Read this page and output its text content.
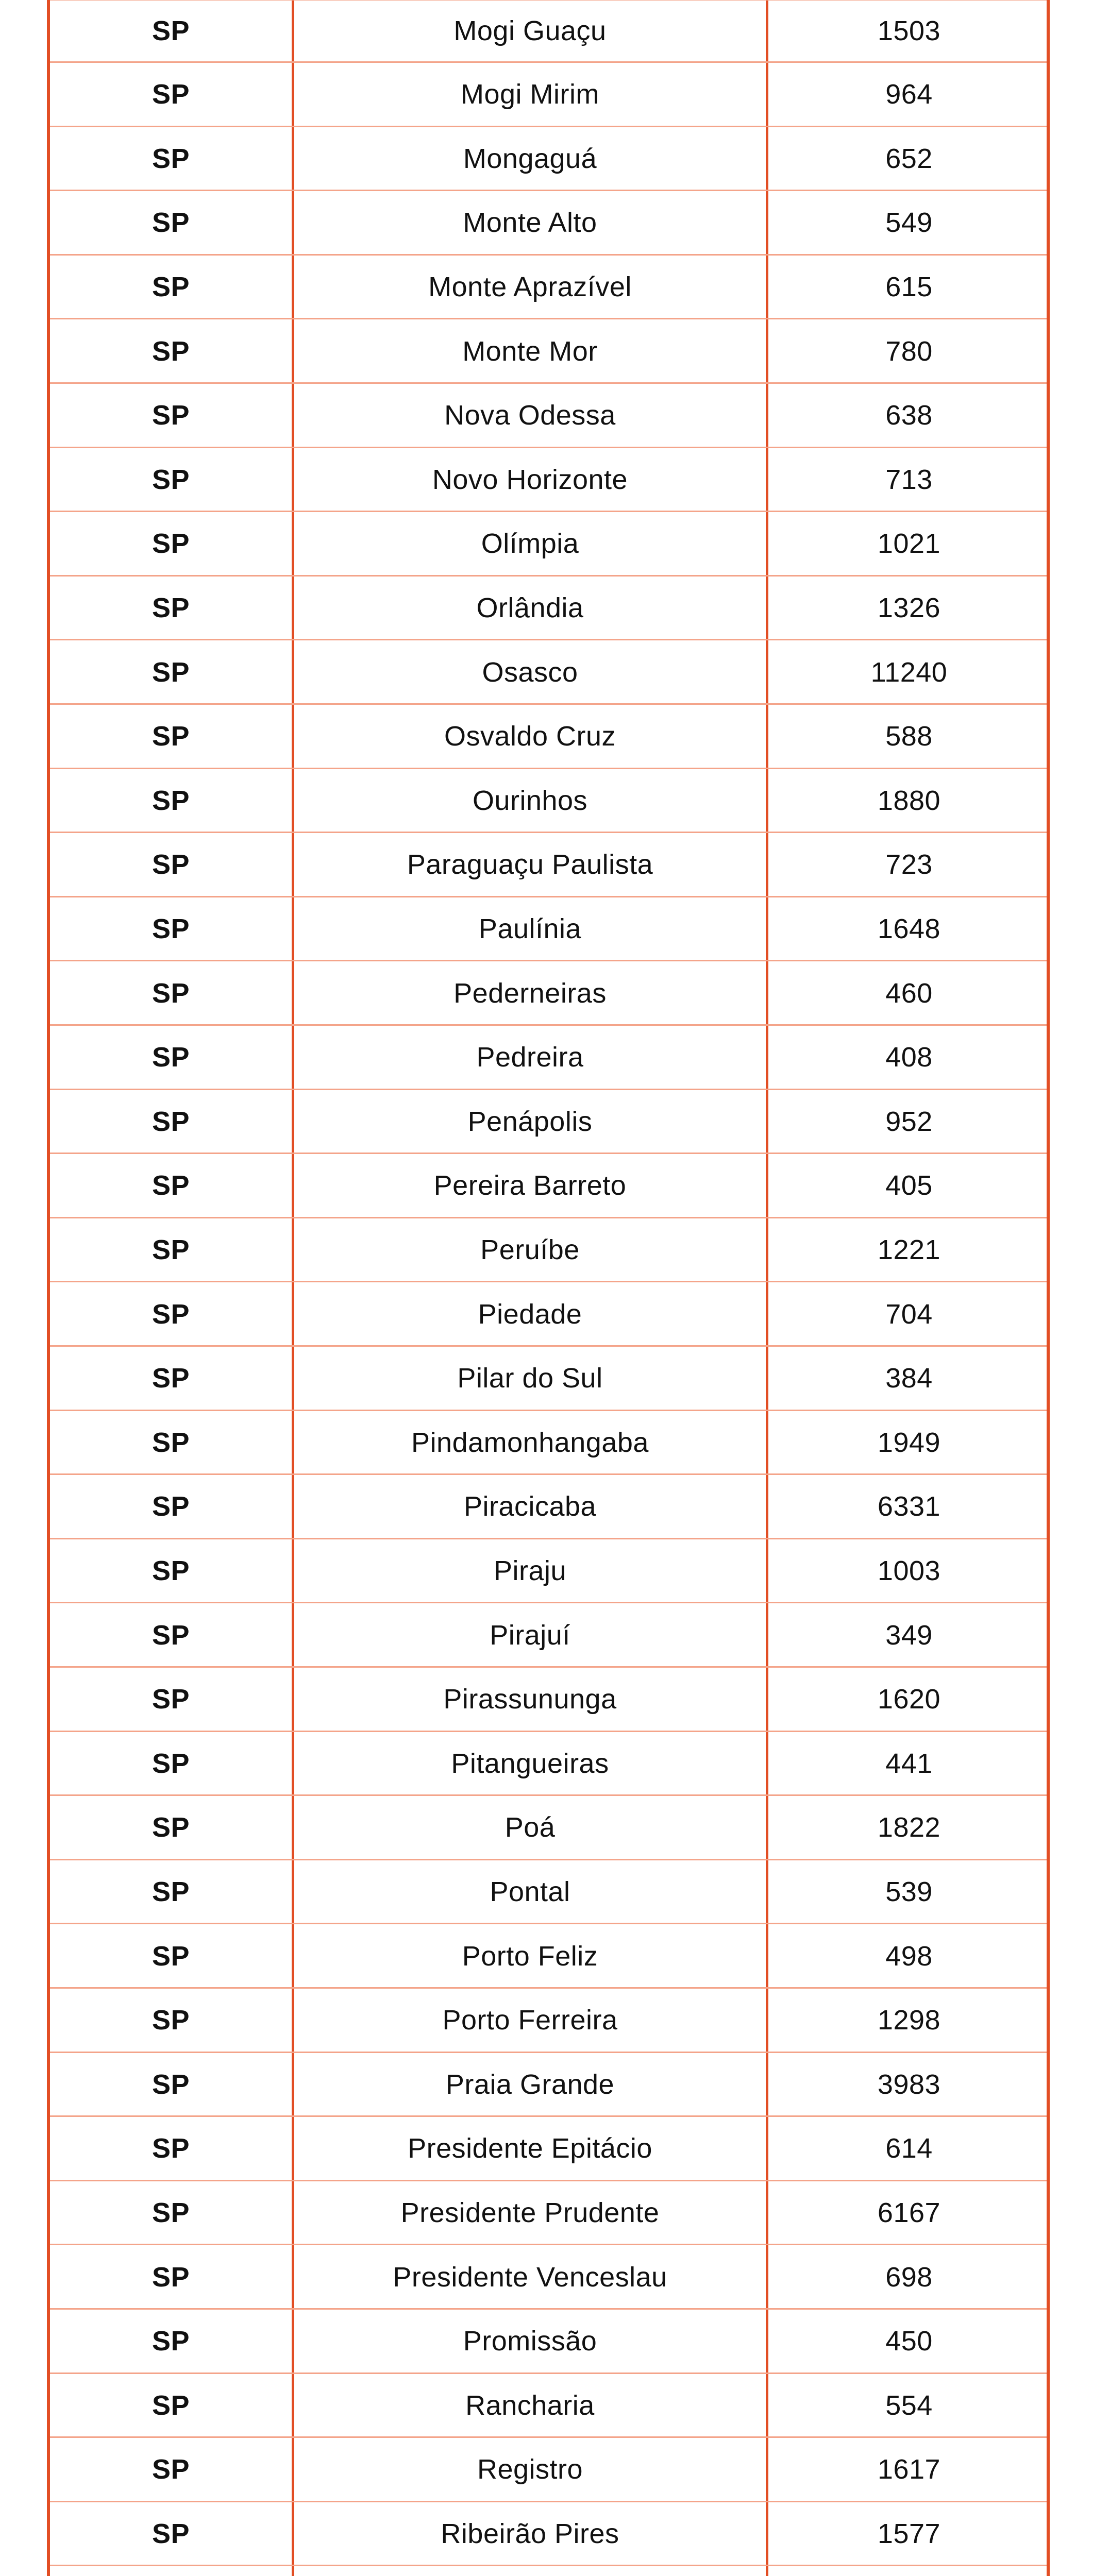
SP	Mogi Guaçu	1503
SP	Mogi Mirim	964
SP	Mongaguá	652
SP	Monte Alto	549
SP	Monte Aprazível	615
SP	Monte Mor	780
SP	Nova Odessa	638
SP	Novo Horizonte	713
SP	Olímpia	1021
SP	Orlândia	1326
SP	Osasco	11240
SP	Osvaldo Cruz	588
SP	Ourinhos	1880
SP	Paraguaçu Paulista	723
SP	Paulínia	1648
SP	Pederneiras	460
SP	Pedreira	408
SP	Penápolis	952
SP	Pereira Barreto	405
SP	Peruíbe	1221
SP	Piedade	704
SP	Pilar do Sul	384
SP	Pindamonhangaba	1949
SP	Piracicaba	6331
SP	Piraju	1003
SP	Pirajuí	349
SP	Pirassununga	1620
SP	Pitangueiras	441
SP	Poá	1822
SP	Pontal	539
SP	Porto Feliz	498
SP	Porto Ferreira	1298
SP	Praia Grande	3983
SP	Presidente Epitácio	614
SP	Presidente Prudente	6167
SP	Presidente Venceslau	698
SP	Promissão	450
SP	Rancharia	554
SP	Registro	1617
SP	Ribeirão Pires	1577
